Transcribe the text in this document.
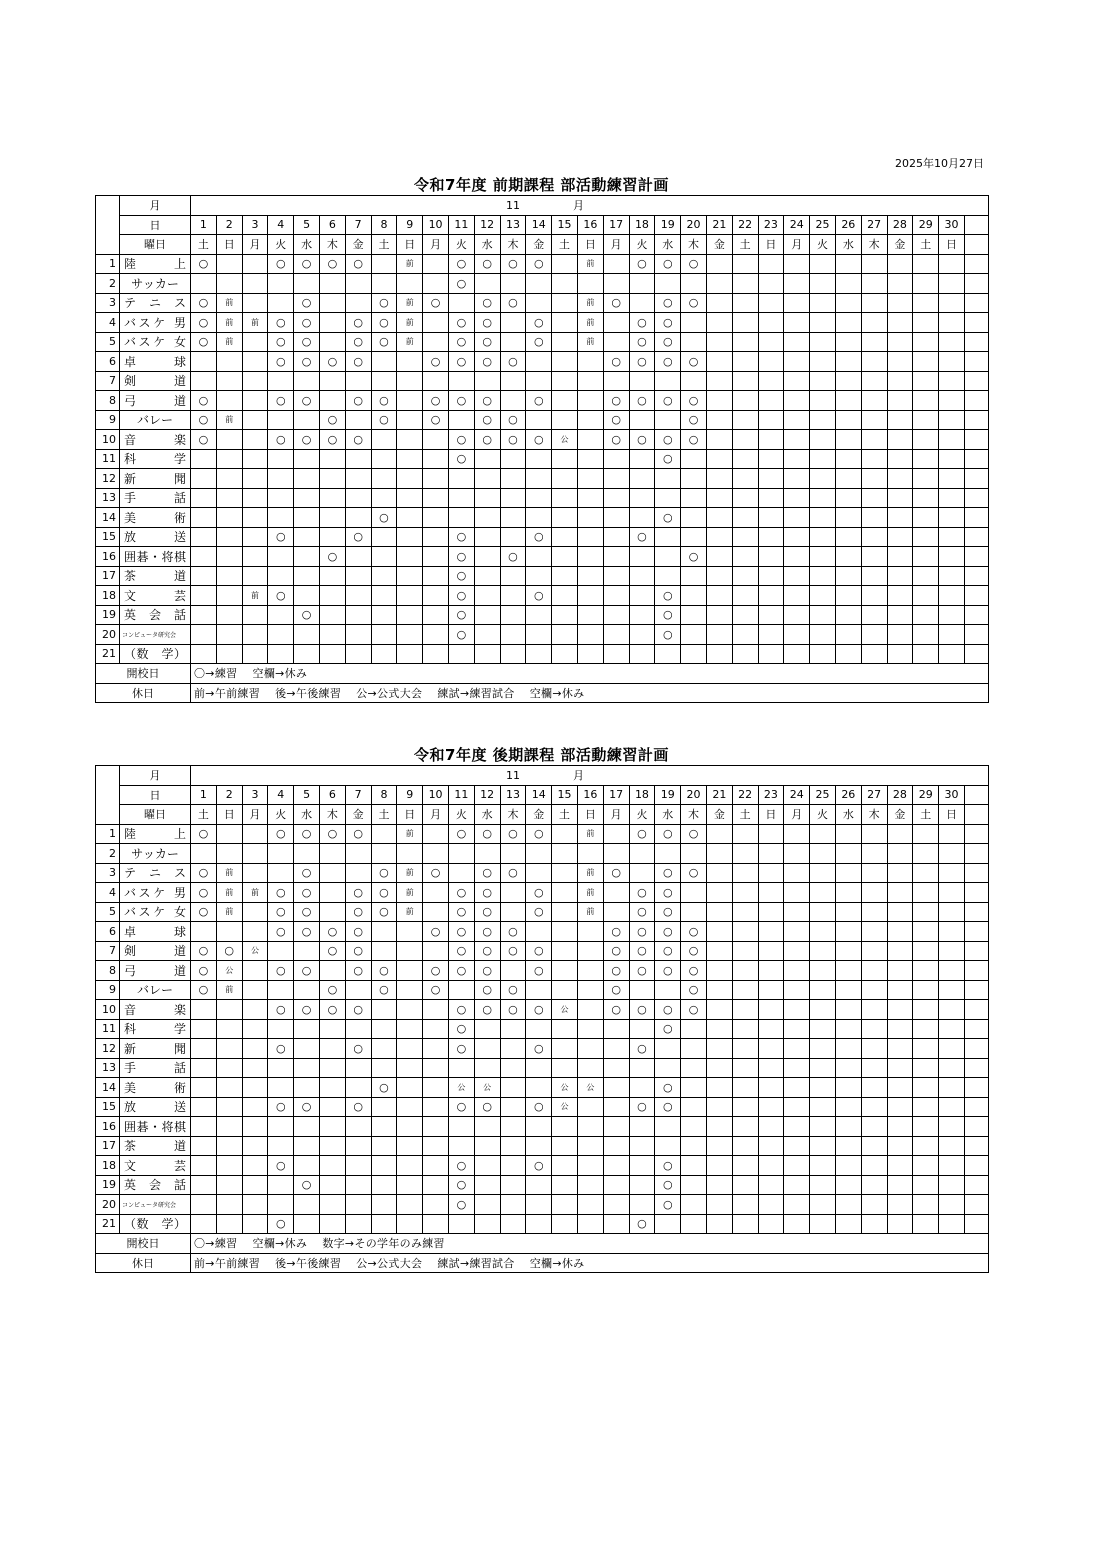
2025年10月27日
令和7年度 前期課程 部活動練習計画
	月	11 月																														
	日	1	2	3	4	5	6	7	8	9	10	11	12	13	14	15	16	17	18	19	20	21	22	23	24	25	26	27	28	29	30	
	曜日	土	日	月	火	水	木	金	土	日	月	火	水	木	金	土	日	月	火	水	木	金	土	日	月	火	水	木	金	土	日	
1	陸　上	○			○	○	○	○		前		○	○	○	○		前		○	○	○											
2	サッカー											○																				
3	テ　ニ　ス	○	前			○			○	前	○		○	○			前	○		○	○											
4	バスケ 男	○	前	前	○	○		○	○	前		○	○		○		前		○	○												
5	バスケ 女	○	前		○	○		○	○	前		○	○		○		前		○	○												
6	卓　球				○	○	○	○			○	○	○	○				○	○	○	○											
7	剣　道																															
8	弓　道	○			○	○		○	○		○	○	○		○			○	○	○	○											
9	バレー	○	前				○		○		○		○	○				○			○											
10	音　楽	○			○	○	○	○				○	○	○	○	公		○	○	○	○											
11	科　学											○								○												
12	新　聞																															
13	手　話																															
14	美　術								○											○												
15	放　送				○			○				○			○				○													
16	囲碁・将棋						○					○		○							○											
17	茶　道											○																				
18	文　芸			前	○							○			○					○												
19	英 会 話					○						○								○												
20	コンピュータ研究会											○								○												
21	（数　学）																															
開校日		〇→練習　 空欄→休み																														
休日		前→午前練習　 後→午後練習　 公→公式大会　 練試→練習試合　 空欄→休み																														
令和7年度 後期課程 部活動練習計画
	月	11 月																														
	日	1	2	3	4	5	6	7	8	9	10	11	12	13	14	15	16	17	18	19	20	21	22	23	24	25	26	27	28	29	30	
	曜日	土	日	月	火	水	木	金	土	日	月	火	水	木	金	土	日	月	火	水	木	金	土	日	月	火	水	木	金	土	日	
1	陸　上	○			○	○	○	○		前		○	○	○	○		前		○	○	○											
2	サッカー																															
3	テ　ニ　ス	○	前			○			○	前	○		○	○			前	○		○	○											
4	バスケ 男	○	前	前	○	○		○	○	前		○	○		○		前		○	○												
5	バスケ 女	○	前		○	○		○	○	前		○	○		○		前		○	○												
6	卓　球				○	○	○	○			○	○	○	○				○	○	○	○											
7	剣　道	○	○	公			○	○				○	○	○	○			○	○	○	○											
8	弓　道	○	公		○	○		○	○		○	○	○		○			○	○	○	○											
9	バレー	○	前				○		○		○		○	○				○			○											
10	音　楽				○	○	○	○				○	○	○	○	公		○	○	○	○											
11	科　学											○								○												
12	新　聞				○			○				○			○				○													
13	手　話																															
14	美　術								○			公	公			公	公			○												
15	放　送				○	○		○				○	○		○	公			○	○												
16	囲碁・将棋																															
17	茶　道																															
18	文　芸				○							○			○					○												
19	英 会 話					○						○								○												
20	コンピュータ研究会											○								○												
21	（数　学）				○														○													
開校日		〇→練習　 空欄→休み　 数字→その学年のみ練習																														
休日		前→午前練習　 後→午後練習　 公→公式大会　 練試→練習試合　 空欄→休み																														
